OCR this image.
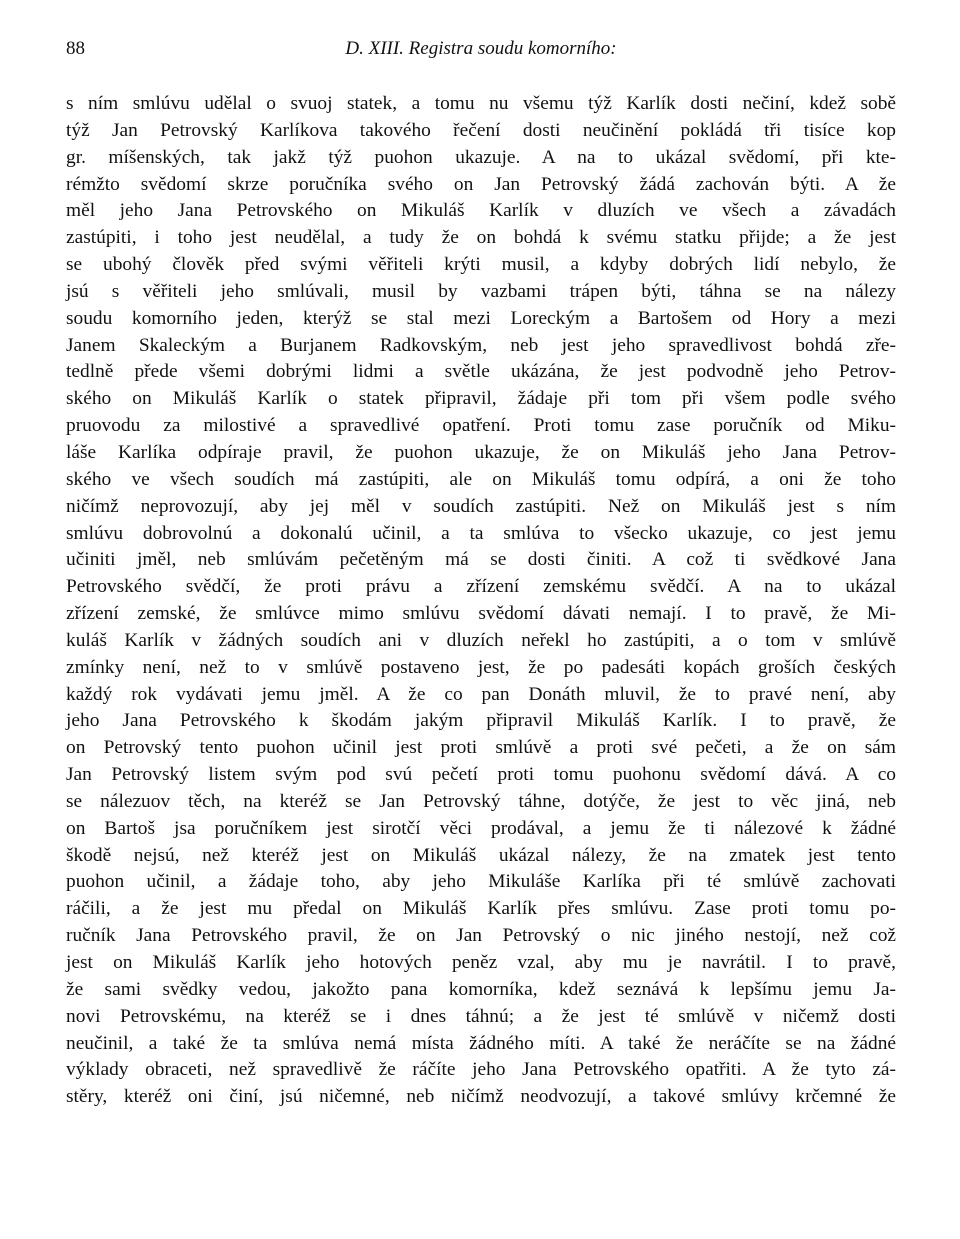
88	D. XIII. Registra soudu komorního:
s ním smlúvu udělal o svuoj statek, a tomu nu všemu týž Karlík dosti nečiní, kdež sobě
týž Jan Petrovský Karlíkova takového řečení dosti neučinění pokládá tři tisíce kop
gr. míšenských, tak jakž týž puohon ukazuje. A na to ukázal svědomí, při kte-
rémžto svědomí skrze poručníka svého on Jan Petrovský žádá zachován býti. A že
měl jeho Jana Petrovského on Mikuláš Karlík v dluzích ve všech a závadách
zastúpiti, i toho jest neudělal, a tudy že on bohdá k svému statku přijde; a že jest
se ubohý člověk před svými věřiteli krýti musil, a kdyby dobrých lidí nebylo, že
jsú s věřiteli jeho smlúvali, musil by vazbami trápen býti, táhna se na nálezy
soudu komorního jeden, kterýž se stal mezi Loreckým a Bartošem od Hory a mezi
Janem Skaleckým a Burjanem Radkovským, neb jest jeho spravedlivost bohdá zře-
tedlně přede všemi dobrými lidmi a světle ukázána, že jest podvodně jeho Petrov-
ského on Mikuláš Karlík o statek připravil, žádaje při tom při všem podle svého
pruovodu za milostivé a spravedlivé opatření. Proti tomu zase poručník od Miku-
láše Karlíka odpíraje pravil, že puohon ukazuje, že on Mikuláš jeho Jana Petrov-
ského ve všech soudích má zastúpiti, ale on Mikuláš tomu odpírá, a oni že toho
ničímž neprovozují, aby jej měl v soudích zastúpiti. Než on Mikuláš jest s ním
smlúvu dobrovolnú a dokonalú učinil, a ta smlúva to všecko ukazuje, co jest jemu
učiniti jměl, neb smlúvám pečetěným má se dosti činiti. A což ti svědkové Jana
Petrovského svědčí, že proti právu a zřízení zemskému svědčí. A na to ukázal
zřízení zemské, že smlúvce mimo smlúvu svědomí dávati nemají. I to pravě, že Mi-
kuláš Karlík v žádných soudích ani v dluzích neřekl ho zastúpiti, a o tom v smlúvě
zmínky není, než to v smlúvě postaveno jest, že po padesáti kopách groších českých
každý rok vydávati jemu jměl. A že co pan Donáth mluvil, že to pravé není, aby
jeho Jana Petrovského k škodám jakým připravil Mikuláš Karlík. I to pravě, že
on Petrovský tento puohon učinil jest proti smlúvě a proti své pečeti, a že on sám
Jan Petrovský listem svým pod svú pečetí proti tomu puohonu svědomí dává. A co
se nálezuov těch, na kteréž se Jan Petrovský táhne, dotýče, že jest to věc jiná, neb
on Bartoš jsa poručníkem jest sirotčí věci prodával, a jemu že ti nálezové k žádné
škodě nejsú, než kteréž jest on Mikuláš ukázal nálezy, že na zmatek jest tento
puohon učinil, a žádaje toho, aby jeho Mikuláše Karlíka při té smlúvě zachovati
ráčili, a že jest mu předal on Mikuláš Karlík přes smlúvu. Zase proti tomu po-
ručník Jana Petrovského pravil, že on Jan Petrovský o nic jiného nestojí, než což
jest on Mikuláš Karlík jeho hotových peněz vzal, aby mu je navrátil. I to pravě,
že sami svědky vedou, jakožto pana komorníka, kdež seznává k lepšímu jemu Ja-
novi Petrovskému, na kteréž se i dnes táhnú; a že jest té smlúvě v ničemž dosti
neučinil, a také že ta smlúva nemá místa žádného míti. A také že neráčíte se na žádné
výklady obraceti, než spravedlivě že ráčíte jeho Jana Petrovského opatřiti. A že tyto zá-
stěry, kteréž oni činí, jsú ničemné, neb ničímž neodvozují, a takové smlúvy krčemné že
